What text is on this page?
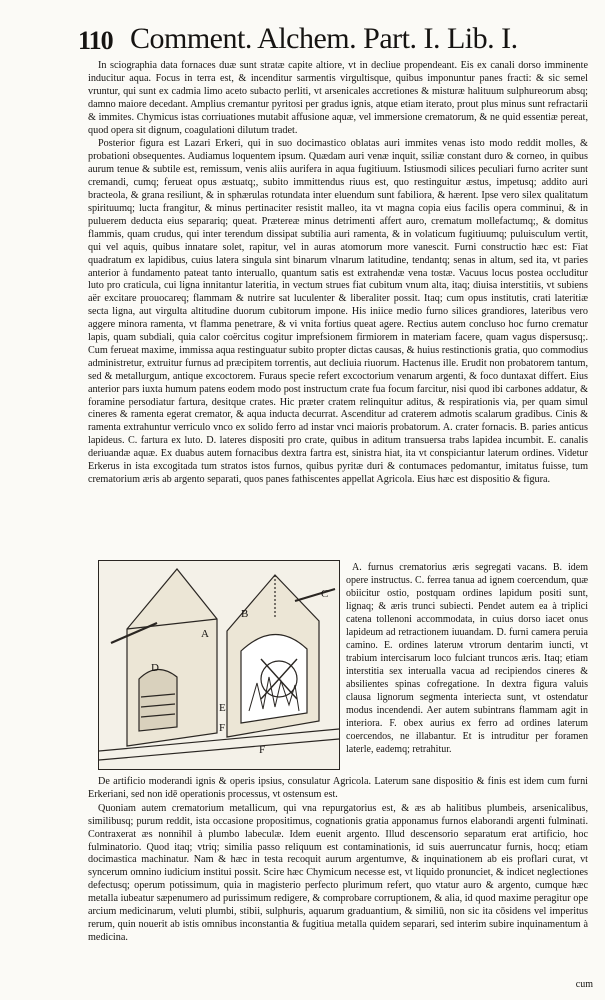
110 Comment. Alchem. Part. I. Lib. I.

In sciographia data fornaces duæ sunt stratæ capite altiore, vt in decliue propendeant. Eis ex canali dorso imminente inducitur aqua. Focus in terra est, & incenditur sarmentis virgultisque, quibus imponuntur panes fracti: & sic semel vruntur, qui sunt ex cadmia limo aceto subacto perliti, vt arsenicales accretiones & misturæ halituum sulphureorum absq; damno maiore decedant. Amplius cremantur pyritosi per gradus ignis, atque etiam iterato, prout plus minus sunt refractarii & immites. Chymicus istas corriuationes mutabit affusione aquæ, vel immersione crematorum, & ne quid essentiæ pereat, quod opera sit dignum, coagulationi dilutum tradet.

Posterior figura est Lazari Erkeri, qui in suo docimastico oblatas auri immites venas isto modo reddit molles, & probationi obsequentes. Audiamus loquentem ipsum. Quædam auri venæ inquit, ssiliæ constant duro & corneo, in quibus aurum tenue & subtile est, remissum, venis aliis aurifera in aqua fugitiuum. Istiusmodi silices peculiari furno acriter sunt cremandi, cumq; ferueat opus æstuatq;, subito immittendus riuus est, quo restinguitur æstus, impetusq; addito auri bracteola, & grana resiliunt, & in sphærulas rotundata inter eluendum sunt fabiliora, & hærent. Ipse vero silex qualitatum spirituumq; lucta frangitur, & minus pertinaciter resistit malleo, ita vt magna copia eius facilis opera comminui, & in puluerem deducta eius separariq; queat. Prætereæ minus detrimenti affert auro, crematum mollefactumq;, & domitus flammis, quam crudus, qui inter terendum dissipat subtilia auri ramenta, & in volaticum fugitiuumq; puluisculum vertit, qui vel aquis, quibus innatare solet, rapitur, vel in auras atomorum more vanescit. Furni constructio hæc est: Fiat quadratum ex lapidibus, cuius latera singula sint binarum vlnarum latitudine, tendantq; senas in altum, sed ita, vt paries anterior à fundamento pateat tanto interuallo, quantum satis est extrahendæ vena tostæ. Vacuus locus postea occluditur luto pro craticula, cui ligna innitantur lateritia, in vectum strues fiat cubitum vnum alta, itaq; diuisa interstitiis, vt subiens aër excitare prouocareq; flammam & nutrire sat luculenter & liberaliter possit. Itaq; cum opus institutis, crati lateritiæ secta ligna, aut virgulta altitudine duorum cubitorum impone. His iniice medio furno silices grandiores, lateribus vero aggere minora ramenta, vt flamma penetrare, & vi vnita fortius queat agere. Rectius autem concluso hoc furno crematur lapis, quam subdiali, quia calor coërcitus cogitur imprefsionem firmiorem in materiam facere, quam vagus dispersusq;. Cum ferueat maxime, immissa aqua restinguatur subito propter dictas causas, & huius restinctionis gratia, quo commodius administretur, extruitur furnus ad præcipitem torrentis, aut decliuia riuorum. Hactenus ille. Erudit non probatorem tantum, sed & metallurgum, antique excoctorem. Furaus specie refert excoctorium venarum argenti, & foco duntaxat differt. Eius anterior pars iuxta humum patens eodem modo post instructum crate fua focum farcitur, nisi quod ibi carbones addatur, & foramine persodiatur fartura, desitque crates. Hic præter cratem relinquitur aditus, & respirationis via, per quam simul cineres & ramenta egerat cremator, & aqua inducta decurrat. Ascenditur ad craterem admotis scalarum gradibus. Cinis & ramenta extrahuntur verriculo vnco ex solido ferro ad instar vnci maioris probatorum. A. crater fornacis. B. paries anticus lapideus. C. fartura ex luto. D. lateres dispositi pro crate, quibus in aditum transuersa trabs lapidea incumbit. E. canalis deriuandæ aquæ. Ex duabus autem fornacibus dextra fartra est, sinistra hiat, ita vt conspiciantur laterum ordines. Videtur Erkerus in ista excogitada tum stratos istos furnos, quibus pyritæ duri & contumaces pedomantur, imitatus fuisse, tum crematorium æris ab argento separati, quos panes fathiscentes appellat Agricola. Eius hæc est dispositio & figura.

A
B
C
D
E
F
F

A. furnus crematorius æris segregati vacans. B. idem opere instructus. C. ferrea tanua ad ignem coercendum, quæ obiicitur ostio, postquam ordines lapidum positi sunt, lignaq; & æris trunci subiecti. Pendet autem ea à triplici catena tollenoni accommodata, in cuius dorso iacet onus lapideum ad retractionem iuuandam. D. furni camera peruia camino. E. ordines lateruм vtrorum dentarim iuncti, vt trabium intercisarum loco fulciant truncos æris. Itaq; etiam interstitia sex interualla vacua ad recipiendos cineres & absilientes spinas cofregatione. In dextra figura valuis clausa lignorum segmenta interiecta sunt, vt ostendatur modus incendendi. Aer autem subintrans flammam agit in interiora. F. obex aurius ex ferro ad ordines laterum coercendos, ne illabantur. Et is intruditur per foramen laterle, eademq; retrahitur.

De artificio moderandi ignis & operis ipsius, consulatur Agricola. Laterum sane dispositio & finis est idem cum furni Erkeriani, sed non idē operationis processus, vt ostensum est.

Quoniam autem crematorium metallicum, qui vna repurgatorius est, & æs ab halitibus plumbeis, arsenicalibus, similibusq; purum reddit, ista occasione propositimus, cognationis gratia apponamus furnos elaborandi argenti fulminati. Contraxerat æs nonnihil à plumbo labeculæ. Idem euenit argento. Illud descensorio separatum erat artificio, hoc fulminatorio. Quod itaq; vtriq; similia passo reliquum est contaminationis, id suis auerruncatur furnis, hocq; etiam docimastica machinatur. Nam & hæc in testa recoquit aurum argentumve, & inquinationem ab eis proflari curat, vt syncerum omnino iudicium institui possit. Scire hæc Chymicum necesse est, vt liquido pronunciet, & indicet neglectiones defectusq; operum potissimum, quia in magisterio perfecto plurimum refert, quo vtatur auro & argento, cumque hæc metalla iubeatur sæpenumero ad purissimum redigere, & comprobare corruptionem, & alia, id quod maxime peragitur ope arcium medicinarum, veluti plumbi, stibii, sulphuris, aquarum graduantium, & similiū, non sic ita cōsidens vel imperitus rerum, quin nouerit ab istis omnibus inconstantia & fugitiua metalla quidem separari, sed interim subire inquinamentum à medicina.

cum
